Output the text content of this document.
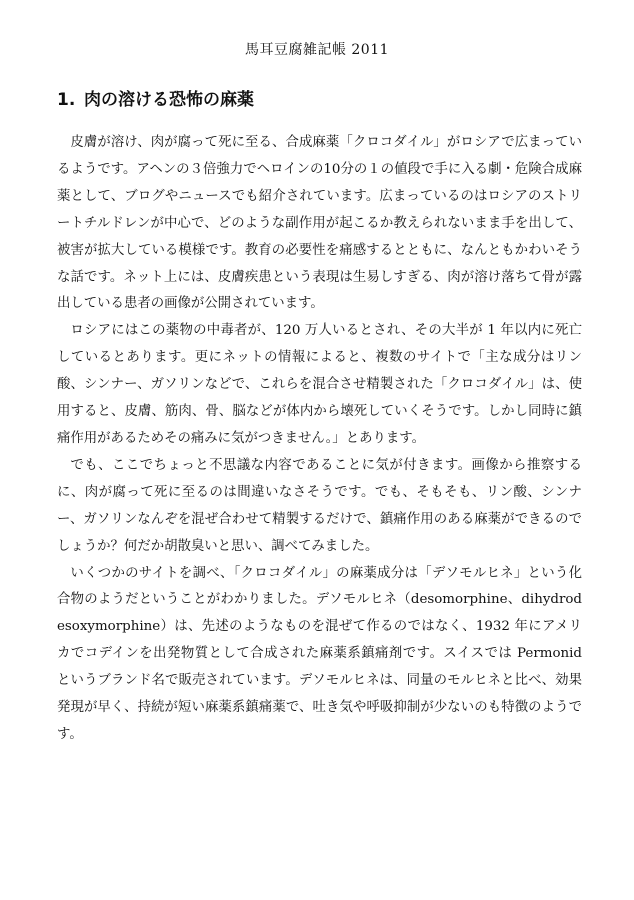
馬耳豆腐雑記帳 2011
1. 肉の溶ける恐怖の麻薬

皮膚が溶け、肉が腐って死に至る、合成麻薬「クロコダイル」がロシアで広まっているようです。アヘンの３倍強力でヘロインの10分の１の値段で手に入る劇・危険合成麻薬として、ブログやニュースでも紹介されています。広まっているのはロシアのストリートチルドレンが中心で、どのような副作用が起こるか教えられないまま手を出して、被害が拡大している模様です。教育の必要性を痛感するとともに、なんともかわいそうな話です。ネット上には、皮膚疾患という表現は生易しすぎる、肉が溶け落ちて骨が露出している患者の画像が公開されています。

ロシアにはこの薬物の中毒者が、120 万人いるとされ、その大半が 1 年以内に死亡しているとあります。更にネットの情報によると、複数のサイトで「主な成分はリン酸、シンナー、ガソリンなどで、これらを混合させ精製された「クロコダイル」は、使用すると、皮膚、筋肉、骨、脳などが体内から壊死していくそうです。しかし同時に鎮痛作用があるためその痛みに気がつきません。」とあります。

でも、ここでちょっと不思議な内容であることに気が付きます。画像から推察するに、肉が腐って死に至るのは間違いなさそうです。でも、そもそも、リン酸、シンナー、ガソリンなんぞを混ぜ合わせて精製するだけで、鎮痛作用のある麻薬ができるのでしょうか？何だか胡散臭いと思い、調べてみました。

いくつかのサイトを調べ、「クロコダイル」の麻薬成分は「デソモルヒネ」という化合物のようだということがわかりました。デソモルヒネ（desomorphine、dihydrodesoxymorphine）は、先述のようなものを混ぜて作るのではなく、1932 年にアメリカでコデインを出発物質として合成された麻薬系鎮痛剤です。スイスでは Permonid というブランド名で販売されています。デソモルヒネは、同量のモルヒネと比べ、効果発現が早く、持続が短い麻薬系鎮痛薬で、吐き気や呼吸抑制が少ないのも特徴のようです。
